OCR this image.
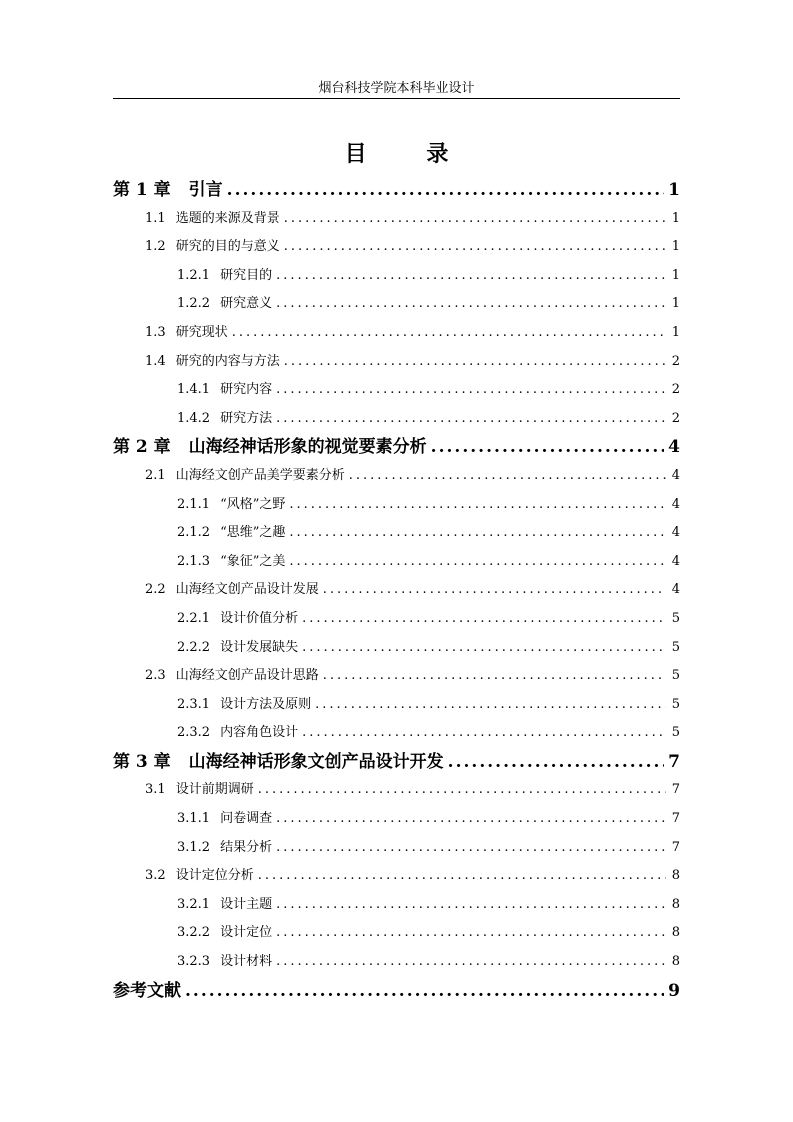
烟台科技学院本科毕业设计
目 录
第 1 章 引言 .....	1
1.1 选题的来源及背景 .....	1
1.2 研究的目的与意义 .....	1
1.2.1 研究目的 .....	1
1.2.2 研究意义 .....	1
1.3 研究现状 .....	1
1.4 研究的内容与方法 .....	2
1.4.1 研究内容 .....	2
1.4.2 研究方法 .....	2
第 2 章 山海经神话形象的视觉要素分析 .....	4
2.1 山海经文创产品美学要素分析 .....	4
2.1.1 “风格”之野 .....	4
2.1.2 “思维”之趣 .....	4
2.1.3 “象征”之美 .....	4
2.2 山海经文创产品设计发展 .....	4
2.2.1 设计价值分析 .....	5
2.2.2 设计发展缺失 .....	5
2.3 山海经文创产品设计思路 .....	5
2.3.1 设计方法及原则 .....	5
2.3.2 内容角色设计 .....	5
第 3 章 山海经神话形象文创产品设计开发 .....	7
3.1 设计前期调研 .....	7
3.1.1 问卷调查 .....	7
3.1.2 结果分析 .....	7
3.2 设计定位分析 .....	8
3.2.1 设计主题 .....	8
3.2.2 设计定位 .....	8
3.2.3 设计材料 .....	8
参考文献 .....	9
